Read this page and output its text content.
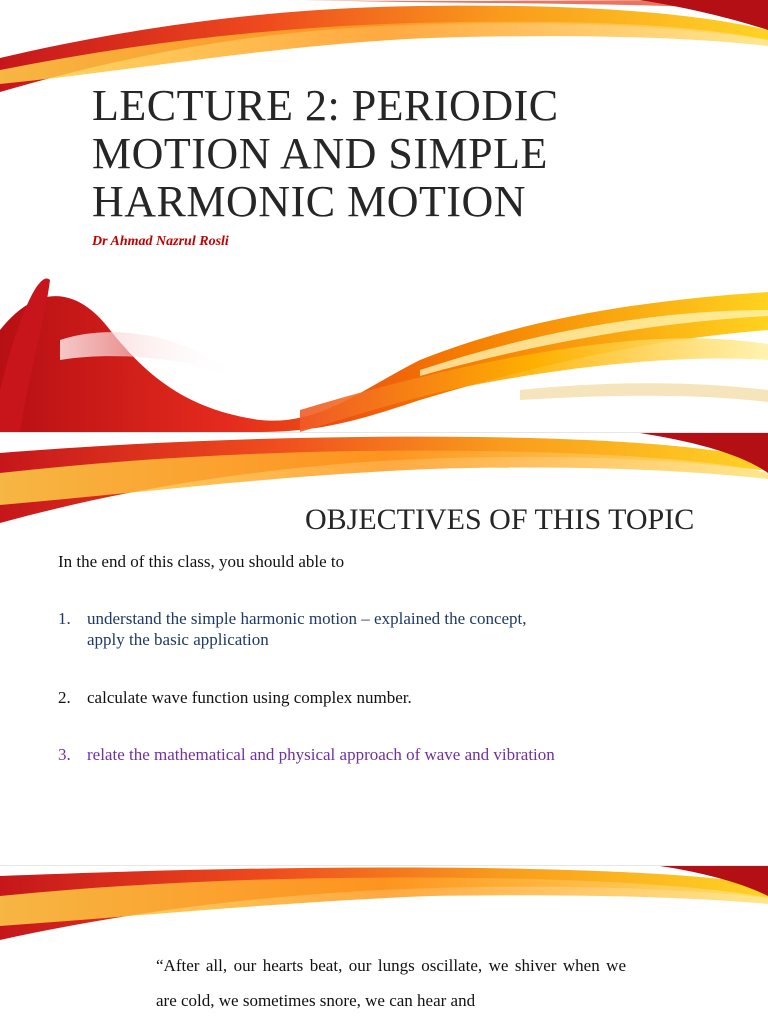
LECTURE 2: PERIODIC MOTION AND SIMPLE HARMONIC MOTION

Dr Ahmad Nazrul Rosli

OBJECTIVES OF THIS TOPIC

In the end of this class, you should able to

1. understand the simple harmonic motion – explained the concept, apply the basic application

2. calculate wave function using complex number.

3. relate the mathematical and physical approach of wave and vibration

“After all, our hearts beat, our lungs oscillate, we shiver when we are cold, we sometimes snore, we can hear and
